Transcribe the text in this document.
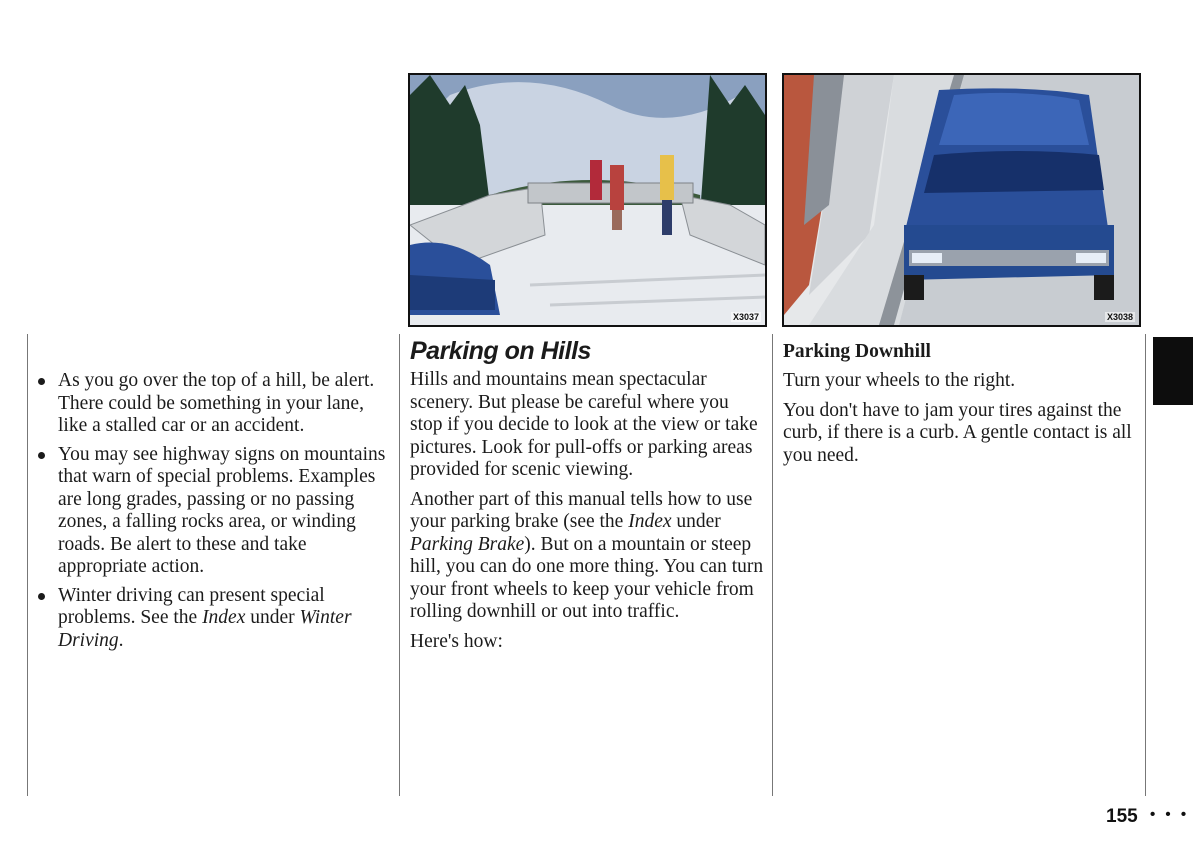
As you go over the top of a hill, be alert. There could be something in your lane, like a stalled car or an accident.
You may see highway signs on mountains that warn of special problems. Examples are long grades, passing or no passing zones, a falling rocks area, or winding roads. Be alert to these and take appropriate action.
Winter driving can present special problems. See the Index under Winter Driving.
X3037	X3038
Parking on Hills

Hills and mountains mean spectacular scenery. But please be careful where you stop if you decide to look at the view or take pictures. Look for pull-offs or parking areas provided for scenic viewing.

Another part of this manual tells how to use your parking brake (see the Index under Parking Brake). But on a mountain or steep hill, you can do one more thing. You can turn your front wheels to keep your vehicle from rolling downhill or out into traffic.

Here's how:

Parking Downhill

Turn your wheels to the right.

You don't have to jam your tires against the curb, if there is a curb. A gentle contact is all you need.

155 • • •
